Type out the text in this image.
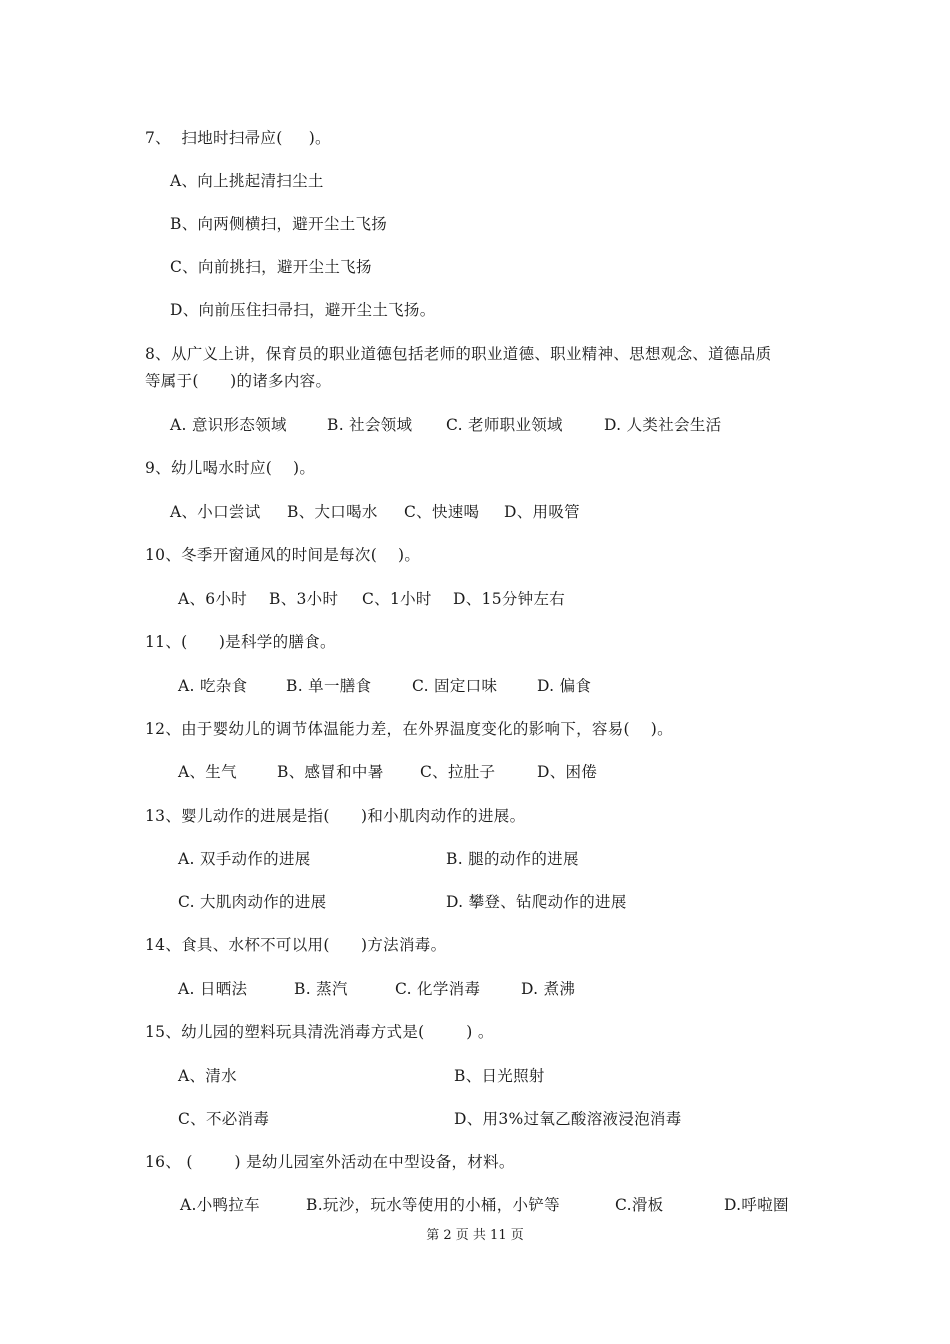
7、  扫地时扫帚应(     )。
A、向上挑起清扫尘土
B、向两侧横扫，避开尘土飞扬
C、向前挑扫，避开尘土飞扬
D、向前压住扫帚扫，避开尘土飞扬。
8、从广义上讲，保育员的职业道德包括老师的职业道德、职业精神、思想观念、道德品质
等属于(      )的诸多内容。
A. 意识形态领域	B. 社会领域 C. 老师职业领域	D. 人类社会生活
9、幼儿喝水时应(    )。
A、小口尝试 B、大口喝水 C、快速喝 D、用吸管
10、冬季开窗通风的时间是每次(    )。
A、6小时 B、3小时 C、1小时 D、15分钟左右
11、(      )是科学的膳食。
A. 吃杂食 B. 单一膳食	C. 固定口味	D. 偏食
12、由于婴幼儿的调节体温能力差，在外界温度变化的影响下，容易(    )。
A、生气	B、感冒和中暑 C、拉肚子	D、困倦
13、婴儿动作的进展是指(      )和小肌肉动作的进展。
A. 双手动作的进展	B. 腿的动作的进展
C. 大肌肉动作的进展	D. 攀登、钻爬动作的进展
14、食具、水杯不可以用(      )方法消毒。
A. 日晒法	B. 蒸汽	C. 化学消毒	D. 煮沸
15、幼儿园的塑料玩具清洗消毒方式是(        ) 。
A、清水	B、日光照射
C、不必消毒	D、用3%过氧乙酸溶液浸泡消毒
16、 (        ) 是幼儿园室外活动在中型设备，材料。
A.小鸭拉车	B.玩沙，玩水等使用的小桶，小铲等	C.滑板	D.呼啦圈
第 2 页 共 11 页
